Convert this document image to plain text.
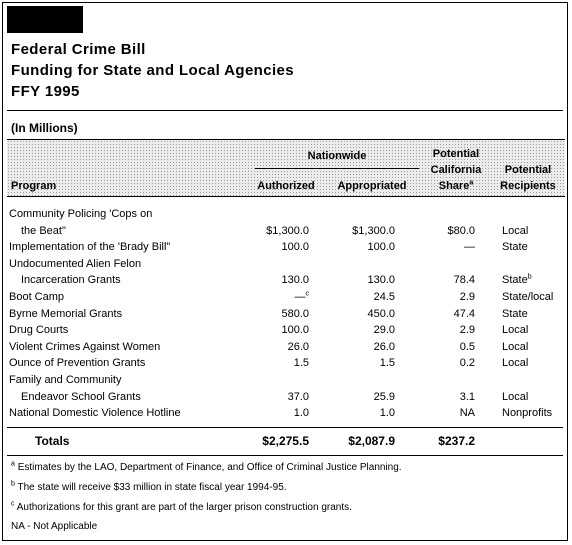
Federal Crime Bill
Funding for State and Local Agencies
FFY 1995
(In Millions)
Program
Nationwide
Authorized	Appropriated
Potential
California
Share$^a$
Potential
Recipients
Community Policing 'Cops on
the Beat"	$1,300.0	$1,300.0	$80.0 Local
Implementation of the 'Brady Bill"	100.0	100.0	— State
Undocumented Alien Felon
Incarceration Grants	130.0	130.0	78.4 State$^b$
Boot Camp	—$^c$	24.5	2.9 State/local
Byrne Memorial Grants	580.0	450.0	47.4 State
Drug Courts	100.0	29.0	2.9 Local
Violent Crimes Against Women	26.0	26.0	0.5 Local
Ounce of Prevention Grants	1.5	1.5	0.2 Local
Family and Community
Endeavor School Grants	37.0	25.9	3.1 Local
National Domestic Violence Hotline	1.0	1.0	NA Nonprofits
Totals	$2,275.5	$2,087.9	$237.2
$^a$ Estimates by the LAO, Department of Finance, and Office of Criminal Justice Planning.
$^b$ The state will receive $33 million in state fiscal year 1994-95.
$^c$ Authorizations for this grant are part of the larger prison construction grants.
NA - Not Applicable
